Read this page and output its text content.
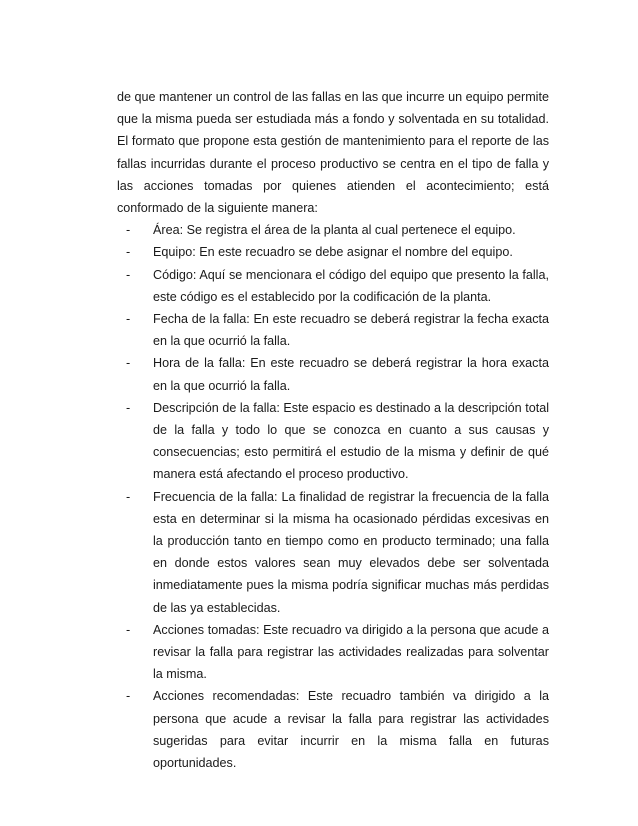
de que mantener un control de las fallas en las que incurre un equipo permite que la misma pueda ser estudiada más a fondo y solventada en su totalidad. El formato que propone esta gestión de mantenimiento para el reporte de las fallas incurridas durante el proceso productivo se centra en el tipo de falla y las acciones tomadas por quienes atienden el acontecimiento; está conformado de la siguiente manera:

- Área: Se registra el área de la planta al cual pertenece el equipo.
- Equipo: En este recuadro se debe asignar el nombre del equipo.
- Código: Aquí se mencionara el código del equipo que presento la falla, este código es el establecido por la codificación de la planta.
- Fecha de la falla: En este recuadro se deberá registrar la fecha exacta en la que ocurrió la falla.
- Hora de la falla: En este recuadro se deberá registrar la hora exacta en la que ocurrió la falla.
- Descripción de la falla: Este espacio es destinado a la descripción total de la falla y todo lo que se conozca en cuanto a sus causas y consecuencias; esto permitirá el estudio de la misma y definir de qué manera está afectando el proceso productivo.
- Frecuencia de la falla: La finalidad de registrar la frecuencia de la falla esta en determinar si la misma ha ocasionado pérdidas excesivas en la producción tanto en tiempo como en producto terminado; una falla en donde estos valores sean muy elevados debe ser solventada inmediatamente pues la misma podría significar muchas más perdidas de las ya establecidas.
- Acciones tomadas: Este recuadro va dirigido a la persona que acude a revisar la falla para registrar las actividades realizadas para solventar la misma.
- Acciones recomendadas: Este recuadro también va dirigido a la persona que acude a revisar la falla para registrar las actividades sugeridas para evitar incurrir en la misma falla en futuras oportunidades.
